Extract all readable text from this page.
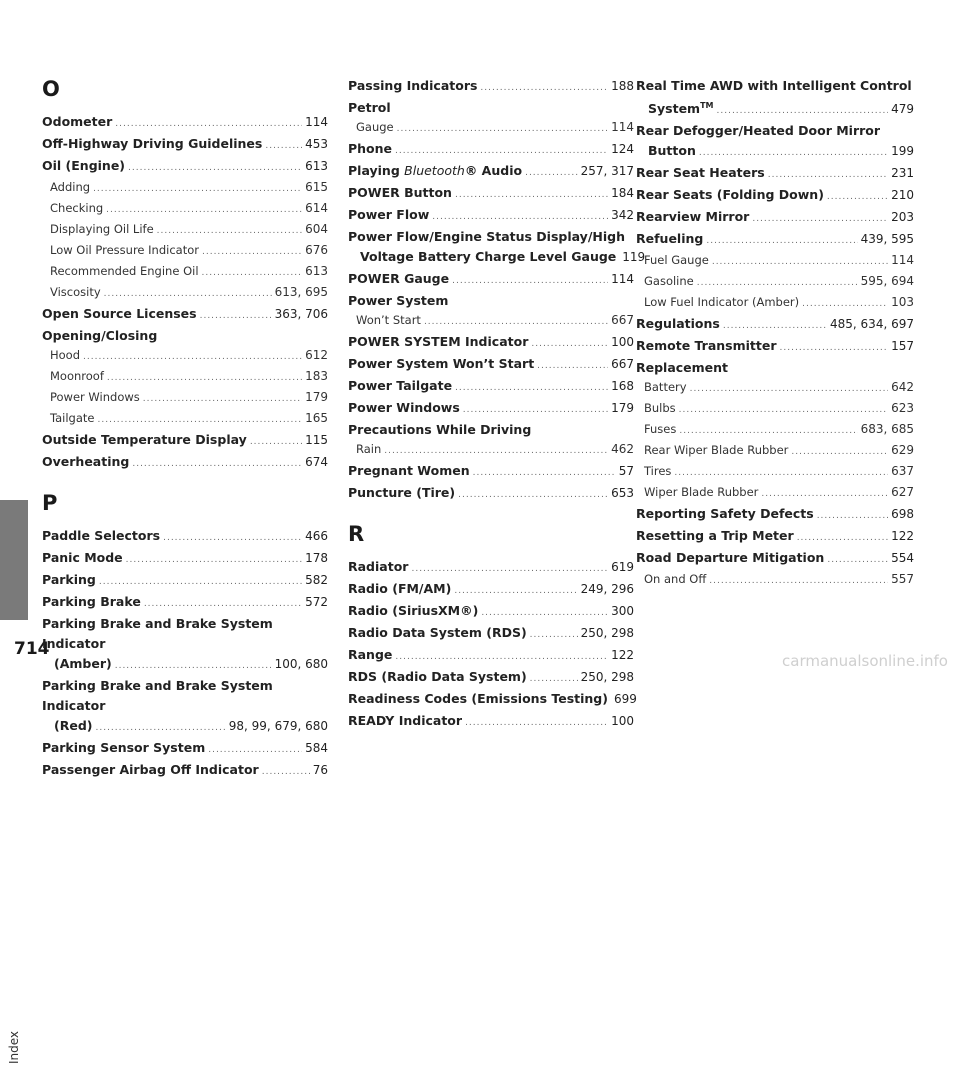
Index
714
carmanualsonline.info
O
Odometer .....	114
Off-Highway Driving Guidelines .....	453
Oil (Engine) .....	613
Adding .....	615
Checking .....	614
Displaying Oil Life .....	604
Low Oil Pressure Indicator .....	676
Recommended Engine Oil .....	613
Viscosity .....	613, 695
Open Source Licenses .....	363, 706
Opening/Closing
Hood .....	612
Moonroof .....	183
Power Windows .....	179
Tailgate .....	165
Outside Temperature Display .....	115
Overheating .....	674
P
Paddle Selectors .....	466
Panic Mode .....	178
Parking .....	582
Parking Brake .....	572
Parking Brake and Brake System Indicator
(Amber) .....	100, 680
Parking Brake and Brake System Indicator
(Red) .....	98, 99, 679, 680
Parking Sensor System .....	584
Passenger Airbag Off Indicator .....	76
Passing Indicators .....	188
Petrol
Gauge .....	114
Phone .....	124
Playing Bluetooth® Audio .....	257, 317
POWER Button .....	184
Power Flow .....	342
Power Flow/Engine Status Display/High
Voltage Battery Charge Level Gauge 119
POWER Gauge .....	114
Power System
Won’t Start .....	667
POWER SYSTEM Indicator .....	100
Power System Won’t Start .....	667
Power Tailgate .....	168
Power Windows .....	179
Precautions While Driving
Rain .....	462
Pregnant Women .....	57
Puncture (Tire) .....	653
R
Radiator .....	619
Radio (FM/AM) .....	249, 296
Radio (SiriusXM®) .....	300
Radio Data System (RDS) .....	250, 298
Range .....	122
RDS (Radio Data System) .....	250, 298
Readiness Codes (Emissions Testing) 699
READY Indicator .....	100
Real Time AWD with Intelligent Control
System™ .....	479
Rear Defogger/Heated Door Mirror
Button .....	199
Rear Seat Heaters .....	231
Rear Seats (Folding Down) .....	210
Rearview Mirror .....	203
Refueling .....	439, 595
Fuel Gauge .....	114
Gasoline .....	595, 694
Low Fuel Indicator (Amber) .....	103
Regulations .....	485, 634, 697
Remote Transmitter .....	157
Replacement
Battery .....	642
Bulbs .....	623
Fuses .....	683, 685
Rear Wiper Blade Rubber .....	629
Tires .....	637
Wiper Blade Rubber .....	627
Reporting Safety Defects .....	698
Resetting a Trip Meter .....	122
Road Departure Mitigation .....	554
On and Off .....	557
